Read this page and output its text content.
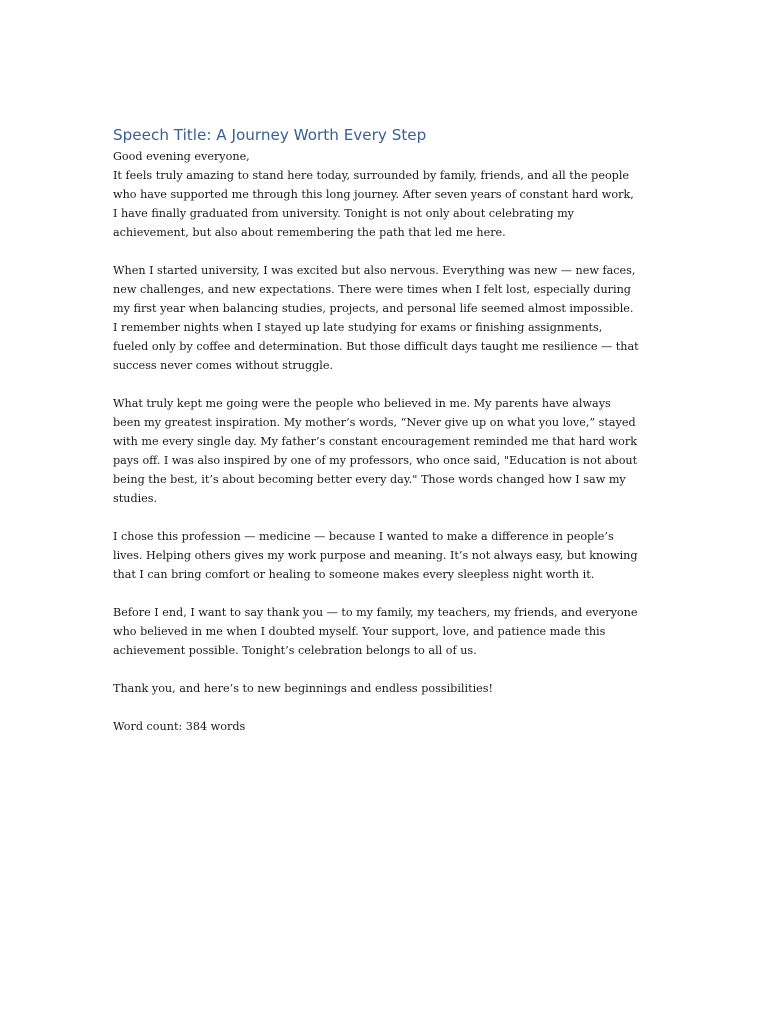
Speech Title: A Journey Worth Every Step

Good evening everyone,
It feels truly amazing to stand here today, surrounded by family, friends, and all the people
who have supported me through this long journey. After seven years of constant hard work,
I have finally graduated from university. Tonight is not only about celebrating my
achievement, but also about remembering the path that led me here.

When I started university, I was excited but also nervous. Everything was new — new faces,
new challenges, and new expectations. There were times when I felt lost, especially during
my first year when balancing studies, projects, and personal life seemed almost impossible.
I remember nights when I stayed up late studying for exams or finishing assignments,
fueled only by coffee and determination. But those difficult days taught me resilience — that
success never comes without struggle.

What truly kept me going were the people who believed in me. My parents have always
been my greatest inspiration. My mother’s words, “Never give up on what you love,” stayed
with me every single day. My father’s constant encouragement reminded me that hard work
pays off. I was also inspired by one of my professors, who once said, "Education is not about
being the best, it’s about becoming better every day." Those words changed how I saw my
studies.

I chose this profession — medicine — because I wanted to make a difference in people’s
lives. Helping others gives my work purpose and meaning. It’s not always easy, but knowing
that I can bring comfort or healing to someone makes every sleepless night worth it.

Before I end, I want to say thank you — to my family, my teachers, my friends, and everyone
who believed in me when I doubted myself. Your support, love, and patience made this
achievement possible. Tonight’s celebration belongs to all of us.

Thank you, and here’s to new beginnings and endless possibilities!

Word count: 384 words
